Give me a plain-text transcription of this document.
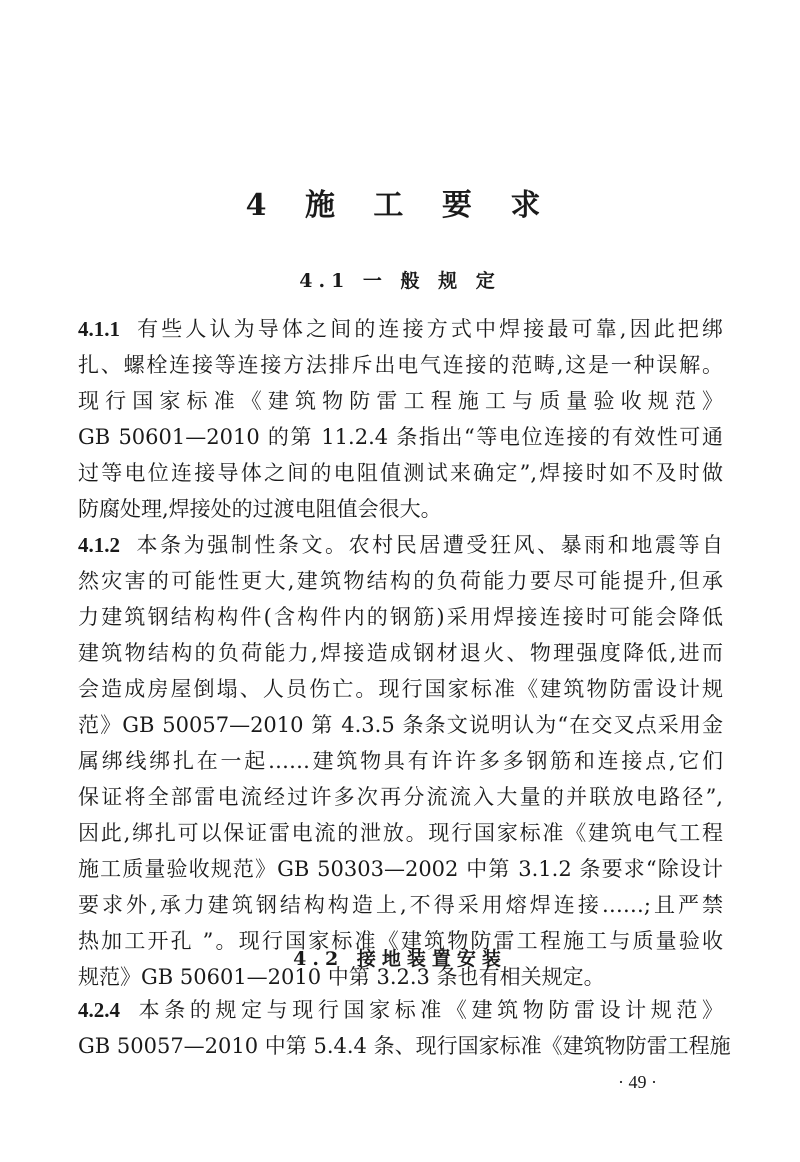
4 施 工 要 求
4.1 一 般 规 定
4.1.1 有些人认为导体之间的连接方式中焊接最可靠,因此把绑
扎、螺栓连接等连接方法排斥出电气连接的范畴,这是一种误解。
现行国家标准《建筑物防雷工程施工与质量验收规范》
GB 50601—2010 的第 11.2.4 条指出“等电位连接的有效性可通
过等电位连接导体之间的电阻值测试来确定”,焊接时如不及时做
防腐处理,焊接处的过渡电阻值会很大。
4.1.2 本条为强制性条文。农村民居遭受狂风、暴雨和地震等自
然灾害的可能性更大,建筑物结构的负荷能力要尽可能提升,但承
力建筑钢结构构件(含构件内的钢筋)采用焊接连接时可能会降低
建筑物结构的负荷能力,焊接造成钢材退火、物理强度降低,进而
会造成房屋倒塌、人员伤亡。现行国家标准《建筑物防雷设计规
范》GB 50057—2010 第 4.3.5 条条文说明认为“在交叉点采用金
属绑线绑扎在一起……建筑物具有许许多多钢筋和连接点,它们
保证将全部雷电流经过许多次再分流流入大量的并联放电路径”,
因此,绑扎可以保证雷电流的泄放。现行国家标准《建筑电气工程
施工质量验收规范》GB 50303—2002 中第 3.1.2 条要求“除设计
要求外,承力建筑钢结构构造上,不得采用熔焊连接……;且严禁
热加工开孔 ”。现行国家标准《建筑物防雷工程施工与质量验收
规范》GB 50601—2010 中第 3.2.3 条也有相关规定。
4.2 接地装置安装
4.2.4 本条的规定与现行国家标准《建筑物防雷设计规范》
GB 50057—2010 中第 5.4.4 条、现行国家标准《建筑物防雷工程施
· 49 ·
